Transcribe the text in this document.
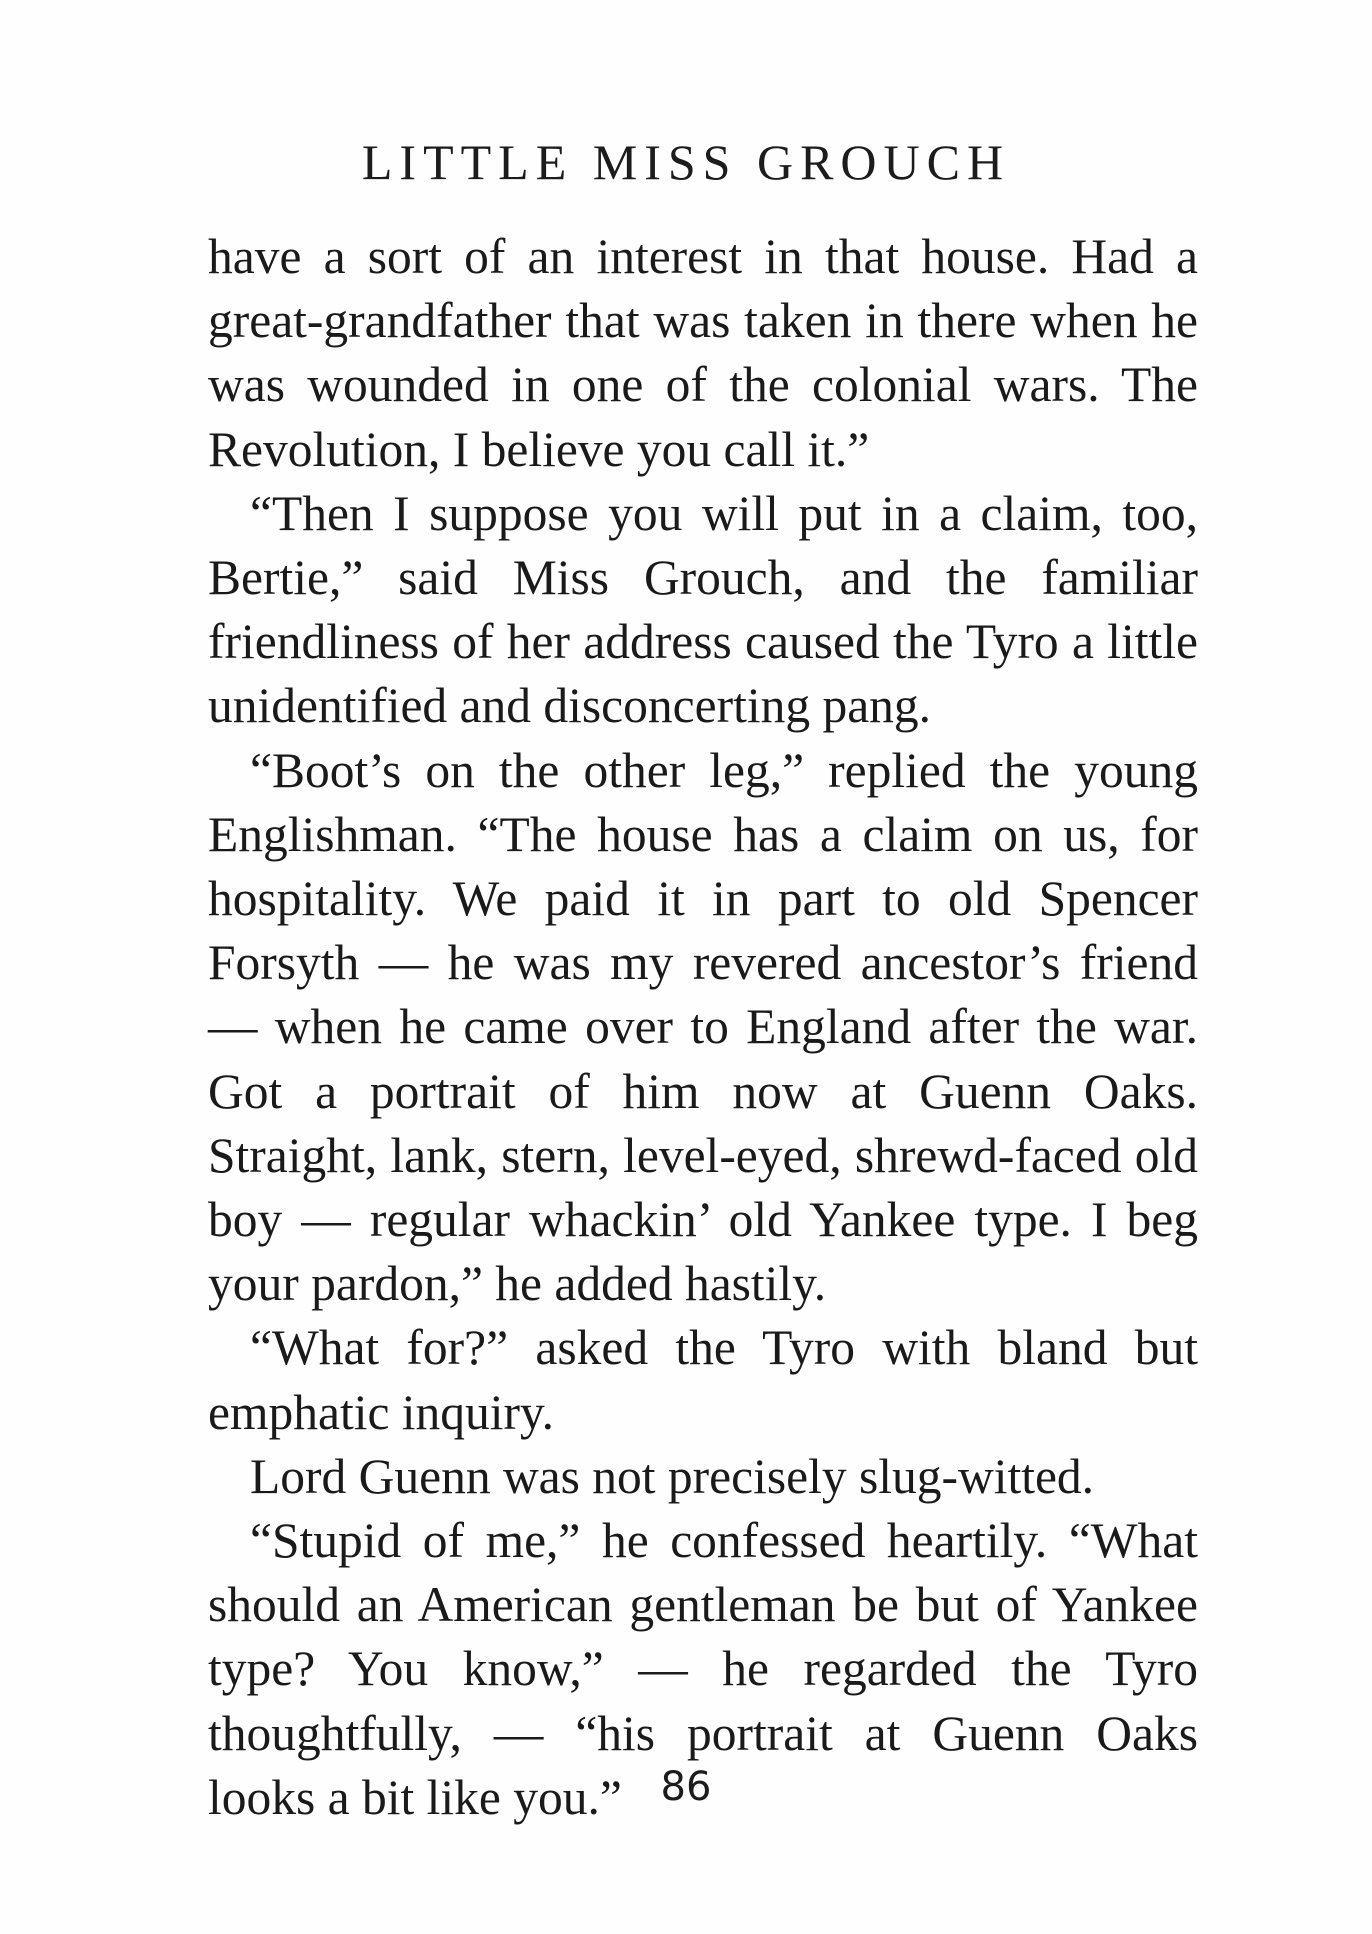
LITTLE MISS GROUCH

have a sort of an interest in that house. Had a great-grandfather that was taken in there when he was wounded in one of the colonial wars. The Revolution, I believe you call it.”

“Then I suppose you will put in a claim, too, Bertie,” said Miss Grouch, and the familiar friendliness of her address caused the Tyro a little unidentified and disconcerting pang.

“Boot’s on the other leg,” replied the young Englishman. “The house has a claim on us, for hospitality. We paid it in part to old Spencer Forsyth — he was my revered ancestor’s friend — when he came over to England after the war. Got a portrait of him now at Guenn Oaks. Straight, lank, stern, level-eyed, shrewd-faced old boy — regular whackin’ old Yankee type. I beg your pardon,” he added hastily.

“What for?” asked the Tyro with bland but emphatic inquiry.

Lord Guenn was not precisely slug-witted.

“Stupid of me,” he confessed heartily. “What should an American gentleman be but of Yankee type? You know,” — he regarded the Tyro thoughtfully, — “his portrait at Guenn Oaks looks a bit like you.” 86
